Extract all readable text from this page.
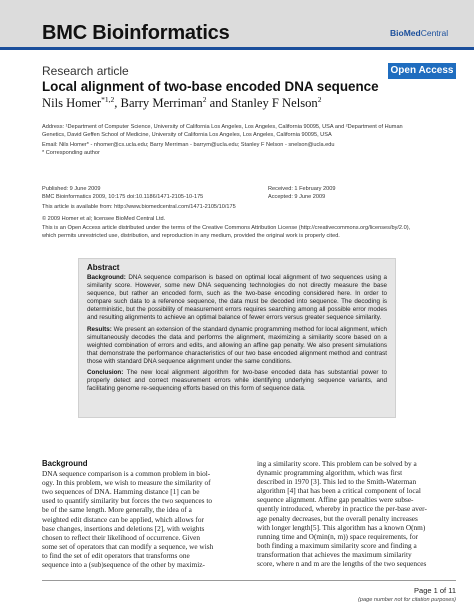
BMC Bioinformatics	BioMedCentral
Research article	Open Access
Local alignment of two-base encoded DNA sequence
Nils Homer$^{*1,2}$, Barry Merriman$^2$ and Stanley F Nelson$^2$
Address: ¹Department of Computer Science, University of California Los Angeles, Los Angeles, California 90095, USA and ²Department of Human
Genetics, David Geffen School of Medicine, University of California Los Angeles, Los Angeles, California 90095, USA
Email: Nils Homer* - nhomer@cs.ucla.edu; Barry Merriman - barrym@ucla.edu; Stanley F Nelson - snelson@ucla.edu
* Corresponding author
Published: 9 June 2009	Received: 1 February 2009
BMC Bioinformatics 2009, 10:175 doi:10.1186/1471-2105-10-175	Accepted: 9 June 2009
This article is available from: http://www.biomedcentral.com/1471-2105/10/175
© 2009 Homer et al; licensee BioMed Central Ltd.
This is an Open Access article distributed under the terms of the Creative Commons Attribution License (http://creativecommons.org/licenses/by/2.0),
which permits unrestricted use, distribution, and reproduction in any medium, provided the original work is properly cited.
Abstract
Background: DNA sequence comparison is based on optimal local alignment of two sequences using a similarity score. However, some new DNA sequencing technologies do not directly measure the base sequence, but rather an encoded form, such as the two-base encoding considered here. In order to compare such data to a reference sequence, the data must be decoded into sequence. The decoding is deterministic, but the possibility of measurement errors requires searching among all possible error modes and resulting alignments to achieve an optimal balance of fewer errors versus greater sequence similarity.
Results: We present an extension of the standard dynamic programming method for local alignment, which simultaneously decodes the data and performs the alignment, maximizing a similarity score based on a weighted combination of errors and edits, and allowing an affine gap penalty. We also present simulations that demonstrate the performance characteristics of our two base encoded alignment method and contrast those with standard DNA sequence alignment under the same conditions.
Conclusion: The new local alignment algorithm for two-base encoded data has substantial power to properly detect and correct measurement errors while identifying underlying sequence variants, and facilitating genome re-sequencing efforts based on this form of sequence data.
Background
DNA sequence comparison is a common problem in biol-
ogy. In this problem, we wish to measure the similarity of
two sequences of DNA. Hamming distance [1] can be
used to quantify similarity but forces the two sequences to
be of the same length. More generally, the idea of a
weighted edit distance can be applied, which allows for
base changes, insertions and deletions [2], with weights
chosen to reflect their likelihood of occurrence. Given
some set of operators that can modify a sequence, we wish
to find the set of edit operators that transforms one
sequence into a (sub)sequence of the other by maximiz-
ing a similarity score. This problem can be solved by a
dynamic programming algorithm, which was first
described in 1970 [3]. This led to the Smith-Waterman
algorithm [4] that has been a critical component of local
sequence alignment. Affine gap penalties were subse-
quently introduced, whereby in practice the per-base aver-
age penalty decreases, but the overall penalty increases
with longer length[5]. This algorithm has a known O(nm)
running time and O(min(n, m)) space requirements, for
both finding a maximum similarity score and finding a
transformation that achieves the maximum similarity
score, where n and m are the lengths of the two sequences
Page 1 of 11
(page number not for citation purposes)
